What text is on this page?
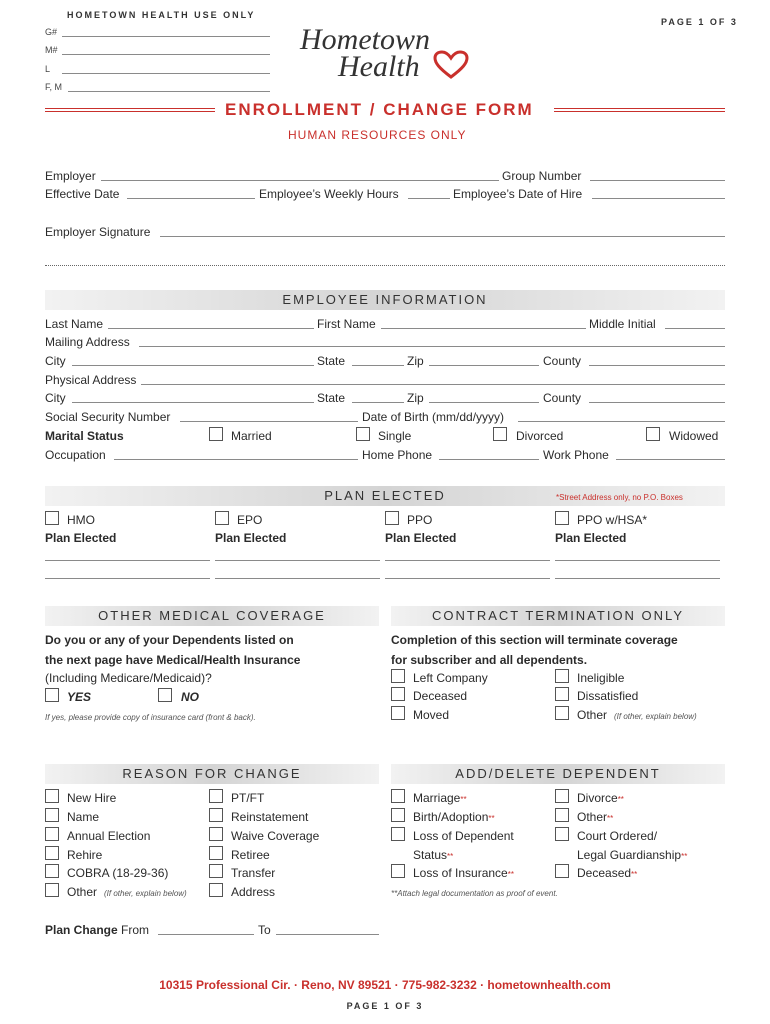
HOMETOWN HEALTH USE ONLY
G#
M#
L
F, M
PAGE 1 OF 3
Hometown
Health
ENROLLMENT / CHANGE FORM
HUMAN RESOURCES ONLY
Employer	Group Number
Effective Date	Employee’s Weekly Hours	Employee’s Date of Hire
Employer Signature
EMPLOYEE INFORMATION
Last Name	First Name	Middle Initial
Mailing Address
City	State	Zip	County
Physical Address
City	State	Zip	County
Social Security Number	Date of Birth (mm/dd/yyyy)
Marital Status	Married	Single	Divorced	Widowed
Occupation	Home Phone	Work Phone
PLAN ELECTED	*Street Address only, no P.O. Boxes
HMO	EPO	PPO	PPO w/HSA*
Plan Elected	Plan Elected	Plan Elected	Plan Elected
OTHER MEDICAL COVERAGE
Do you or any of your Dependents listed on
the next page have Medical/Health Insurance
(Including Medicare/Medicaid)?
YES	NO
If yes, please provide copy of insurance card (front & back).
CONTRACT TERMINATION ONLY
Completion of this section will terminate coverage
for subscriber and all dependents.
Left Company	Ineligible
Deceased	Dissatisfied
Moved	Other (If other, explain below)
REASON FOR CHANGE
New Hire
Name
Annual Election
Rehire
COBRA (18-29-36)
Other (If other, explain below)
PT/FT
Reinstatement
Waive Coverage
Retiree
Transfer
Address
ADD/DELETE DEPENDENT
Marriage**
Birth/Adoption**
Loss of Dependent
Status**
Loss of Insurance**
Divorce**
Other**
Court Ordered/
Legal Guardianship**
Deceased**
**Attach legal documentation as proof of event.
Plan Change From	To
10315 Professional Cir. · Reno, NV 89521 · 775-982-3232 · hometownhealth.com
PAGE 1 OF 3
